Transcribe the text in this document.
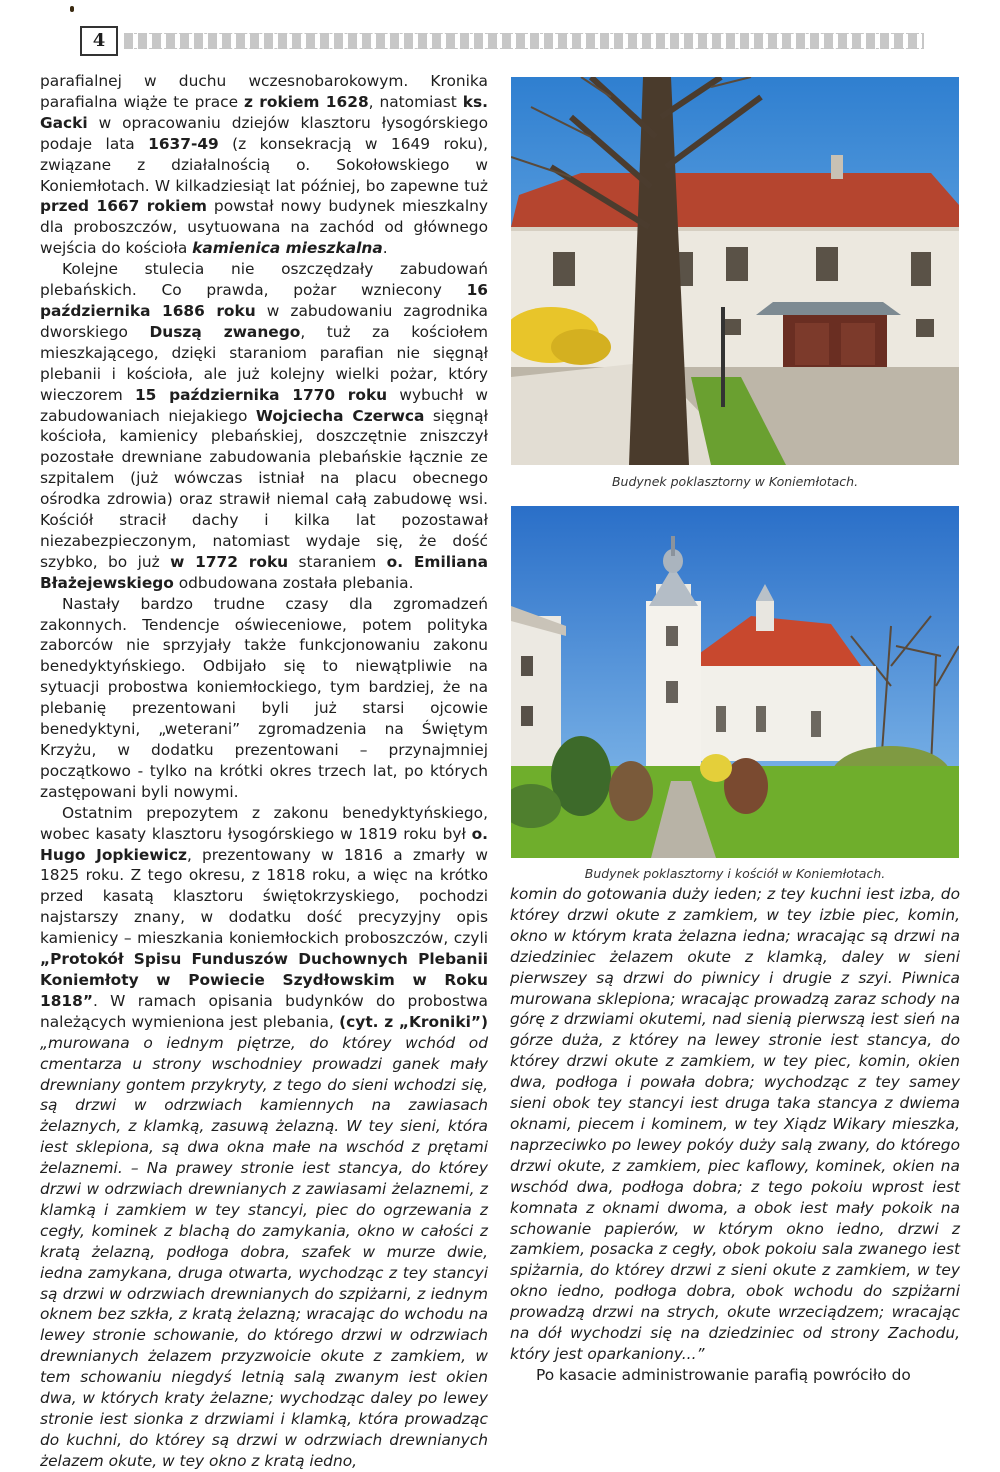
4

parafialnej w duchu wczesnobarokowym. Kronika parafialna wiąże te prace z rokiem 1628, natomiast ks. Gacki w opracowaniu dziejów klasztoru łysogórskiego podaje lata 1637-49 (z konsekracją w 1649 roku), związane z działalnością o. Sokołowskiego w Koniemłotach. W kilkadziesiąt lat później, bo zapewne tuż przed 1667 rokiem powstał nowy budynek mieszkalny dla proboszczów, usytuowana na zachód od głównego wejścia do kościoła kamienica mieszkalna.

Kolejne stulecia nie oszczędzały zabudowań plebańskich. Co prawda, pożar wzniecony 16 października 1686 roku w zabudowaniu zagrodnika dworskiego Duszą zwanego, tuż za kościołem mieszkającego, dzięki staraniom parafian nie sięgnął plebanii i kościoła, ale już kolejny wielki pożar, który wieczorem 15 października 1770 roku wybuchł w zabudowaniach niejakiego Wojciecha Czerwca sięgnął kościoła, kamienicy plebańskiej, doszczętnie zniszczył pozostałe drewniane zabudowania plebańskie łącznie ze szpitalem (już wówczas istniał na placu obecnego ośrodka zdrowia) oraz strawił niemal całą zabudowę wsi. Kościół stracił dachy i kilka lat pozostawał niezabezpieczonym, natomiast wydaje się, że dość szybko, bo już w 1772 roku staraniem o. Emiliana Błażejewskiego odbudowana została plebania.

Nastały bardzo trudne czasy dla zgromadzeń zakonnych. Tendencje oświeceniowe, potem polityka zaborców nie sprzyjały także funkcjonowaniu zakonu benedyktyńskiego. Odbijało się to niewątpliwie na sytuacji probostwa koniemłockiego, tym bardziej, że na plebanię prezentowani byli już starsi ojcowie benedyktyni, „weterani” zgromadzenia na Świętym Krzyżu, w dodatku prezentowani – przynajmniej początkowo - tylko na krótki okres trzech lat, po których zastępowani byli nowymi.

Ostatnim prepozytem z zakonu benedyktyńskiego, wobec kasaty klasztoru łysogórskiego w 1819 roku był o. Hugo Jopkiewicz, prezentowany w 1816 a zmarły w 1825 roku. Z tego okresu, z 1818 roku, a więc na krótko przed kasatą klasztoru świętokrzyskiego, pochodzi najstarszy znany, w dodatku dość precyzyjny opis kamienicy – mieszkania koniemłockich proboszczów, czyli „Protokół Spisu Funduszów Duchownych Plebanii Koniemłoty w Powiecie Szydłowskim w Roku 1818”. W ramach opisania budynków do probostwa należących wymieniona jest plebania, (cyt. z „Kroniki”) „murowana o iednym piętrze, do którey wchód od cmentarza u strony wschodniey prowadzi ganek mały drewniany gontem przykryty, z tego do sieni wchodzi się, są drzwi w odrzwiach kamiennych na zawiasach żelaznych, z klamką, zasuwą żelazną. W tey sieni, która iest sklepiona, są dwa okna małe na wschód z prętami żelaznemi. – Na prawey stronie iest stancya, do którey drzwi w odrzwiach drewnianych z zawiasami żelaznemi, z klamką i zamkiem w tey stancyi, piec do ogrzewania z cegły, kominek z blachą do zamykania, okno w całości z kratą żelazną, podłoga dobra, szafek w murze dwie, iedna zamykana, druga otwarta, wychodząc z tey stancyi są drzwi w odrzwiach drewnianych do szpiżarni, z iednym oknem bez szkła, z kratą żelazną; wracając do wchodu na lewey stronie schowanie, do którego drzwi w odrzwiach drewnianych żelazem przyzwoicie okute z zamkiem, w tem schowaniu niegdyś letnią salą zwanym iest okien dwa, w których kraty żelazne; wychodząc daley po lewey stronie iest sionka z drzwiami i klamką, która prowadząc do kuchni, do którey są drzwi w odrzwiach drewnianych żelazem okute, w tey okno z kratą iedno,

Budynek poklasztorny w Koniemłotach.
Budynek poklasztorny i kościół w Koniemłotach.

komin do gotowania duży ieden; z tey kuchni iest izba, do którey drzwi okute z zamkiem, w tey izbie piec, komin, okno w którym krata żelazna iedna; wracając są drzwi na dziedziniec żelazem okute z klamką, daley w sieni pierwszey są drzwi do piwnicy i drugie z szyi. Piwnica murowana sklepiona; wracając prowadzą zaraz schody na górę z drzwiami okutemi, nad sienią pierwszą iest sień na górze duża, z którey na lewey stronie iest stancya, do którey drzwi okute z zamkiem, w tey piec, komin, okien dwa, podłoga i powała dobra; wychodząc z tey samey sieni obok tey stancyi iest druga taka stancya z dwiema oknami, piecem i kominem, w tey Xiądz Wikary mieszka, naprzeciwko po lewey pokóy duży salą zwany, do którego drzwi okute, z zamkiem, piec kaflowy, kominek, okien na wschód dwa, podłoga dobra; z tego pokoiu wprost iest komnata z oknami dwoma, a obok iest mały pokoik na schowanie papierów, w którym okno iedno, drzwi z zamkiem, posacka z cegły, obok pokoiu sala zwanego iest spiżarnia, do którey drzwi z sieni okute z zamkiem, w tey okno iedno, podłoga dobra, obok wchodu do szpiżarni prowadzą drzwi na strych, okute wrzeciądzem; wracając na dół wychodzi się na dziedziniec od strony Zachodu, który jest oparkaniony...”

Po kasacie administrowanie parafią powróciło do
